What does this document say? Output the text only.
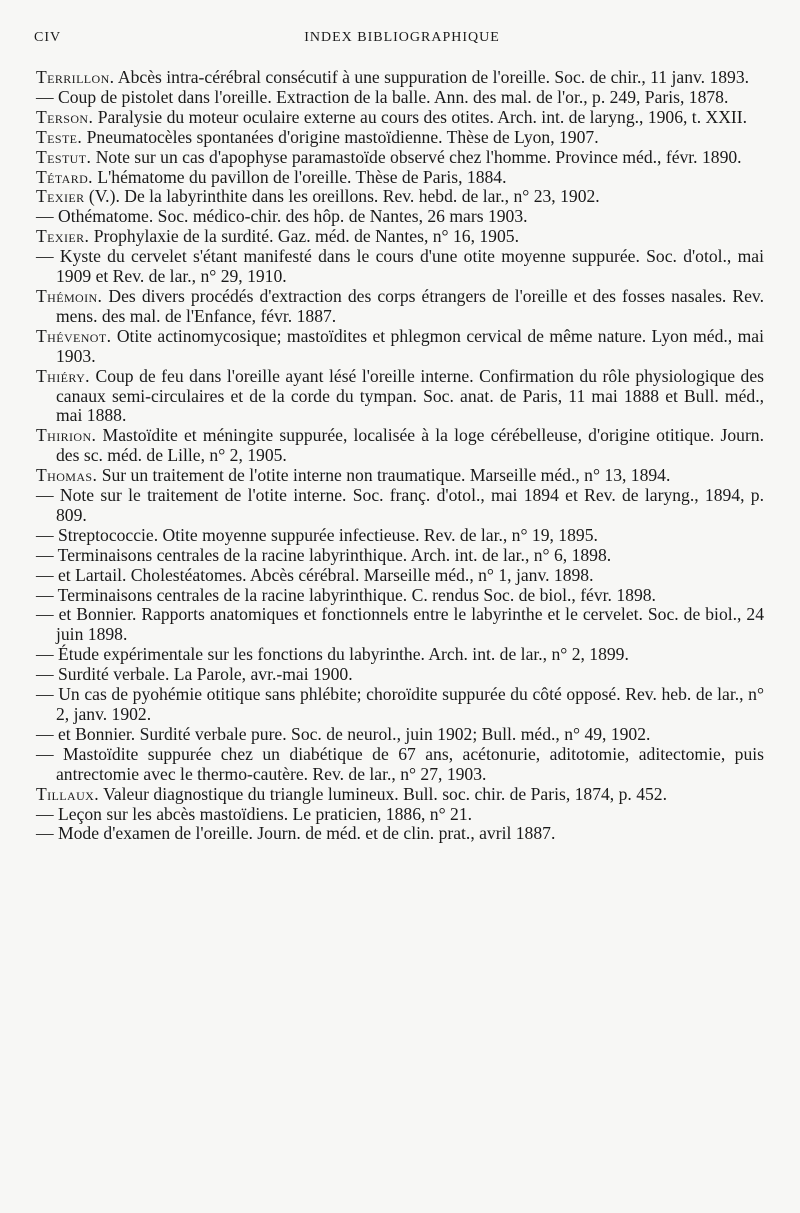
CIV	INDEX BIBLIOGRAPHIQUE
Terrillon. Abcès intra-cérébral consécutif à une suppuration de l'oreille. Soc. de chir., 11 janv. 1893.
— Coup de pistolet dans l'oreille. Extraction de la balle. Ann. des mal. de l'or., p. 249, Paris, 1878.
Terson. Paralysie du moteur oculaire externe au cours des otites. Arch. int. de laryng., 1906, t. XXII.
Teste. Pneumatocèles spontanées d'origine mastoïdienne. Thèse de Lyon, 1907.
Testut. Note sur un cas d'apophyse paramastoïde observé chez l'homme. Province méd., févr. 1890.
Tétard. L'hématome du pavillon de l'oreille. Thèse de Paris, 1884.
Texier (V.). De la labyrinthite dans les oreillons. Rev. hebd. de lar., n° 23, 1902.
— Othématome. Soc. médico-chir. des hôp. de Nantes, 26 mars 1903.
Texier. Prophylaxie de la surdité. Gaz. méd. de Nantes, n° 16, 1905.
— Kyste du cervelet s'étant manifesté dans le cours d'une otite moyenne suppurée. Soc. d'otol., mai 1909 et Rev. de lar., n° 29, 1910.
Thémoin. Des divers procédés d'extraction des corps étrangers de l'oreille et des fosses nasales. Rev. mens. des mal. de l'Enfance, févr. 1887.
Thévenot. Otite actinomycosique; mastoïdites et phlegmon cervical de même nature. Lyon méd., mai 1903.
Thiéry. Coup de feu dans l'oreille ayant lésé l'oreille interne. Confirmation du rôle physiologique des canaux semi-circulaires et de la corde du tympan. Soc. anat. de Paris, 11 mai 1888 et Bull. méd., mai 1888.
Thirion. Mastoïdite et méningite suppurée, localisée à la loge cérébelleuse, d'origine otitique. Journ. des sc. méd. de Lille, n° 2, 1905.
Thomas. Sur un traitement de l'otite interne non traumatique. Marseille méd., n° 13, 1894.
— Note sur le traitement de l'otite interne. Soc. franç. d'otol., mai 1894 et Rev. de laryng., 1894, p. 809.
— Streptococcie. Otite moyenne suppurée infectieuse. Rev. de lar., n° 19, 1895.
— Terminaisons centrales de la racine labyrinthique. Arch. int. de lar., n° 6, 1898.
— et Lartail. Cholestéatomes. Abcès cérébral. Marseille méd., n° 1, janv. 1898.
— Terminaisons centrales de la racine labyrinthique. C. rendus Soc. de biol., févr. 1898.
— et Bonnier. Rapports anatomiques et fonctionnels entre le labyrinthe et le cervelet. Soc. de biol., 24 juin 1898.
— Étude expérimentale sur les fonctions du labyrinthe. Arch. int. de lar., n° 2, 1899.
— Surdité verbale. La Parole, avr.-mai 1900.
— Un cas de pyohémie otitique sans phlébite; choroïdite suppurée du côté opposé. Rev. heb. de lar., n° 2, janv. 1902.
— et Bonnier. Surdité verbale pure. Soc. de neurol., juin 1902; Bull. méd., n° 49, 1902.
— Mastoïdite suppurée chez un diabétique de 67 ans, acétonurie, aditotomie, aditectomie, puis antrectomie avec le thermo-cautère. Rev. de lar., n° 27, 1903.
Tillaux. Valeur diagnostique du triangle lumineux. Bull. soc. chir. de Paris, 1874, p. 452.
— Leçon sur les abcès mastoïdiens. Le praticien, 1886, n° 21.
— Mode d'examen de l'oreille. Journ. de méd. et de clin. prat., avril 1887.
